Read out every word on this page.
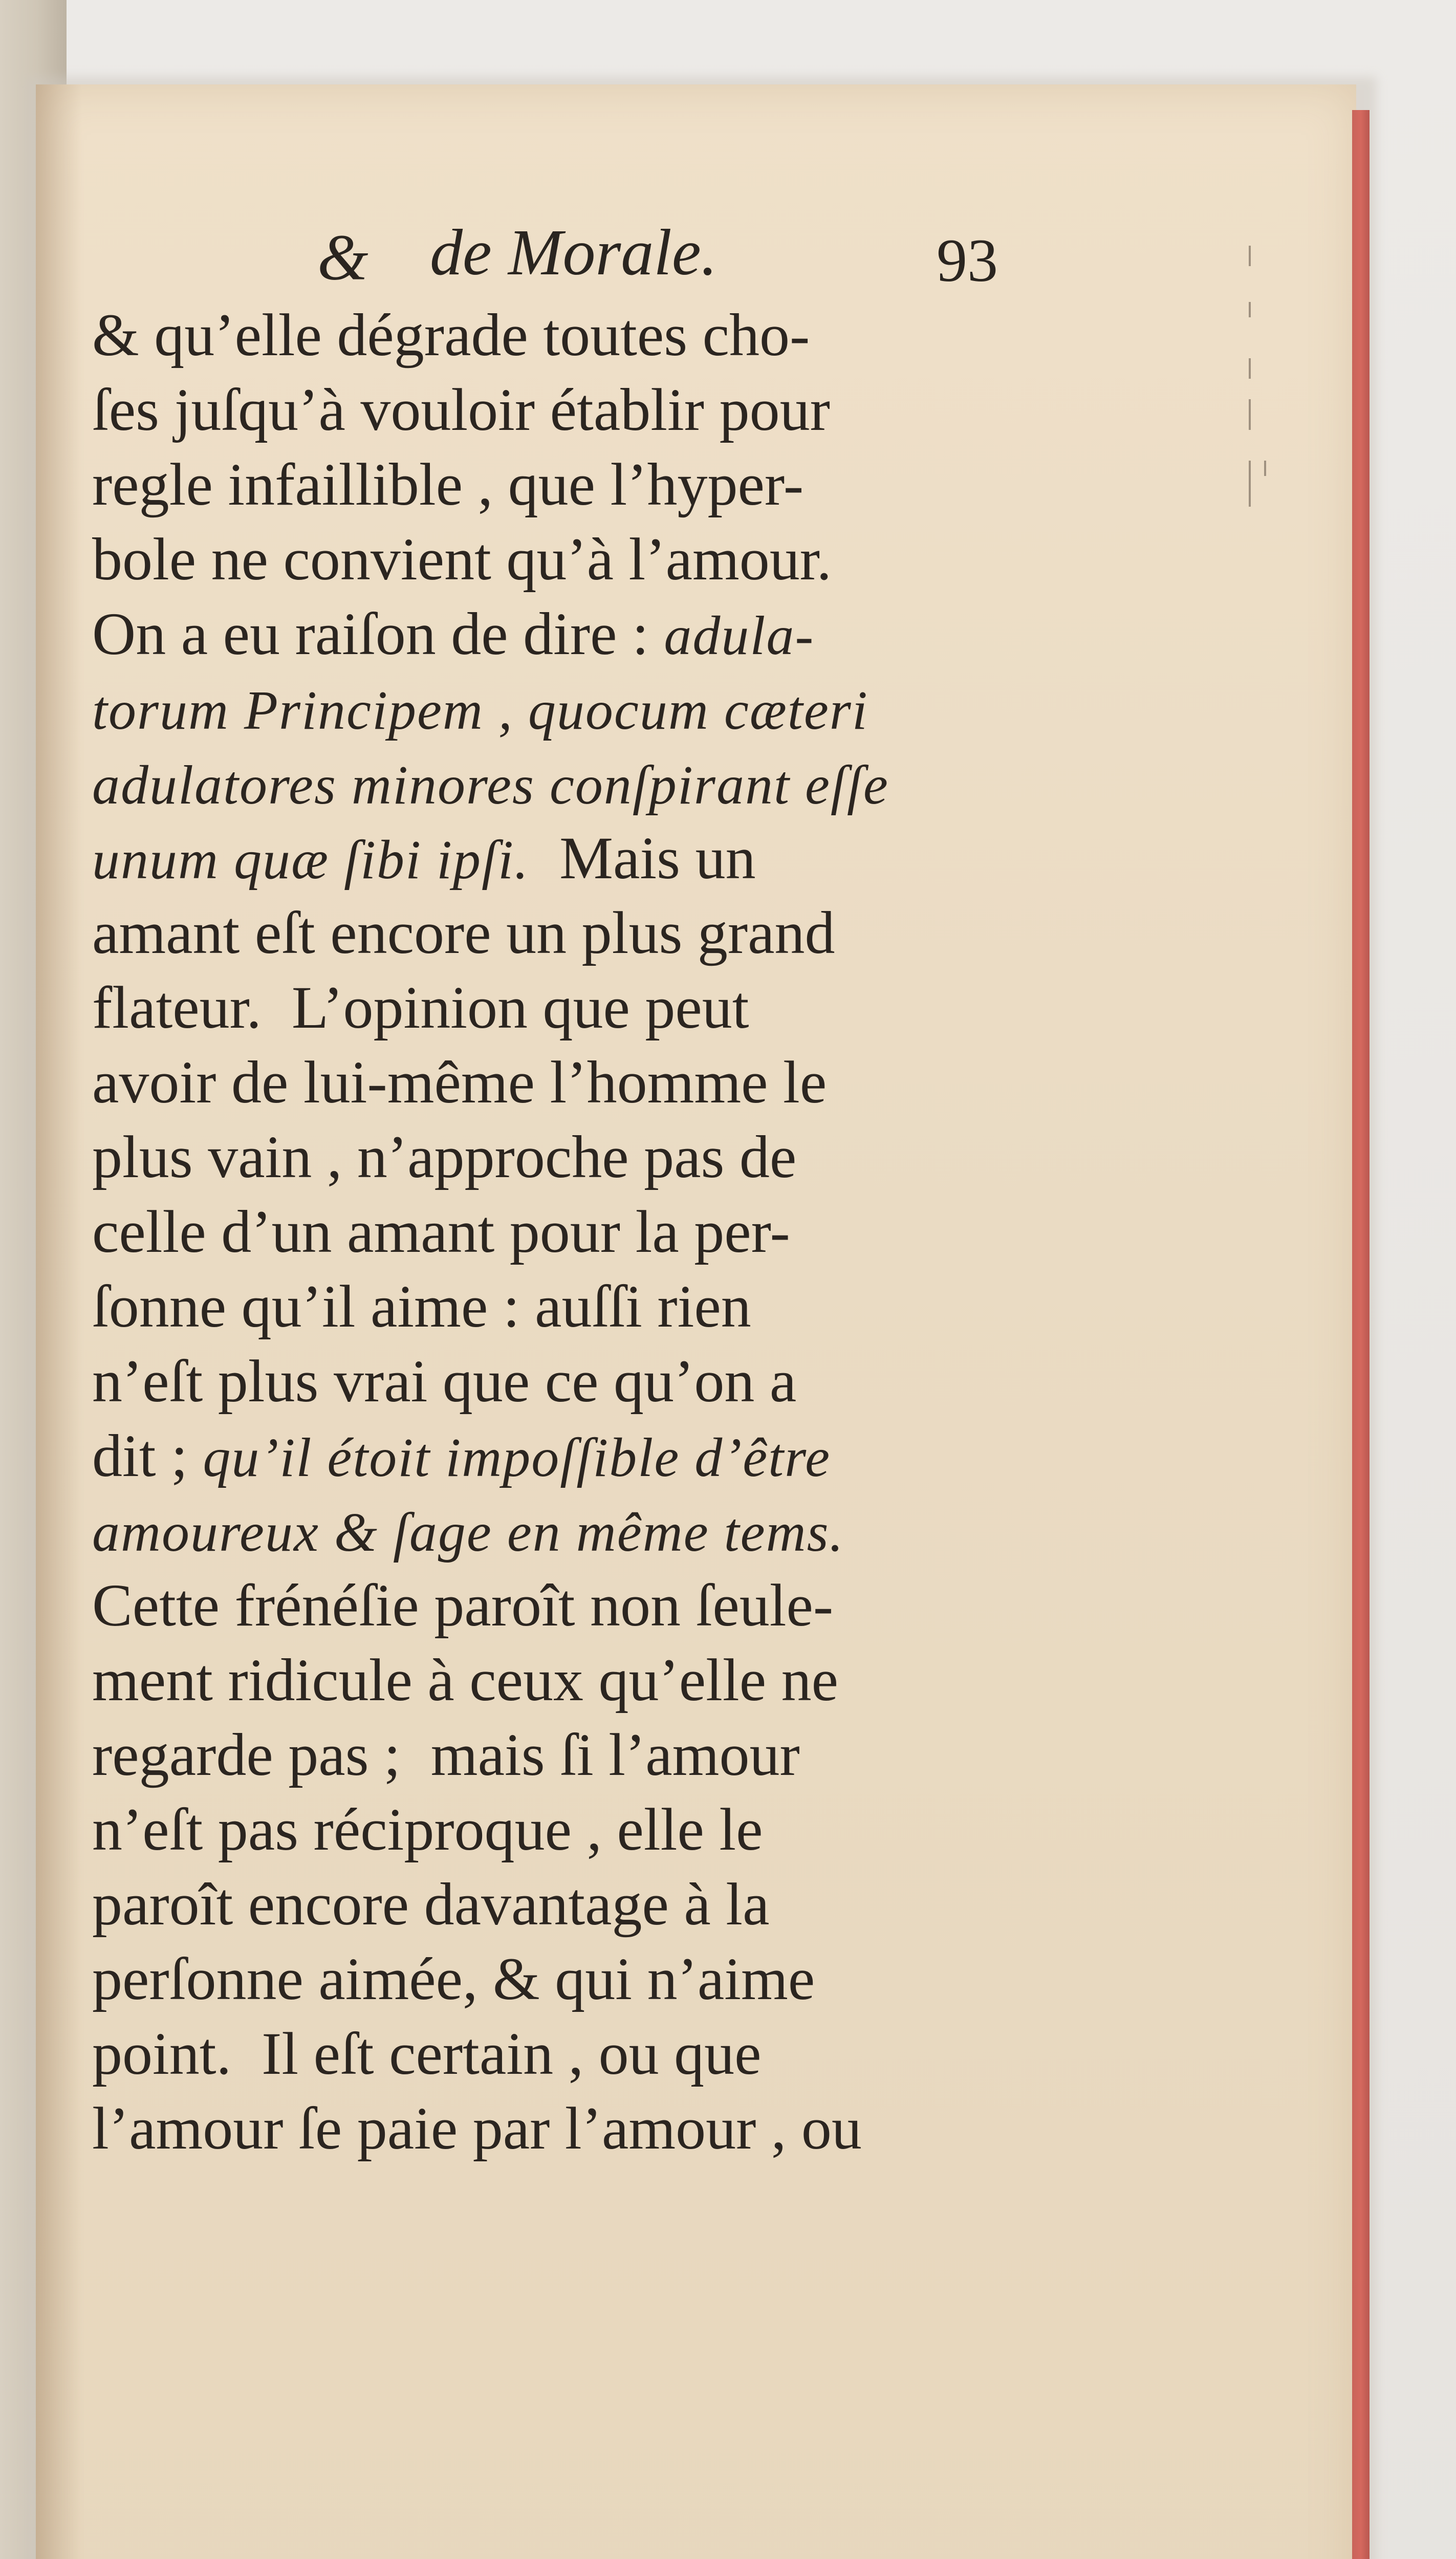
& de Morale.	93
& qu’elle dégrade toutes cho-
ſes juſqu’à vouloir établir pour
regle infaillible , que l’hyper-
bole ne convient qu’à l’amour.
On a eu raiſon de dire : adula-
torum Principem , quocum cæteri
adulatores minores conſpirant eſſe
unum quæ ſibi ipſi.  Mais un
amant eſt encore un plus grand
flateur.  L’opinion que peut
avoir de lui-même l’homme le
plus vain , n’approche pas de
celle d’un amant pour la per-
ſonne qu’il aime : auſſi rien
n’eſt plus vrai que ce qu’on a
dit ; qu’il étoit impoſſible d’être
amoureux & ſage en même tems.
Cette frénéſie paroît non ſeule-
ment ridicule à ceux qu’elle ne
regarde pas ;  mais ſi l’amour
n’eſt pas réciproque , elle le
paroît encore davantage à la
perſonne aimée, & qui n’aime
point.  Il eſt certain , ou que
l’amour ſe paie par l’amour , ou
